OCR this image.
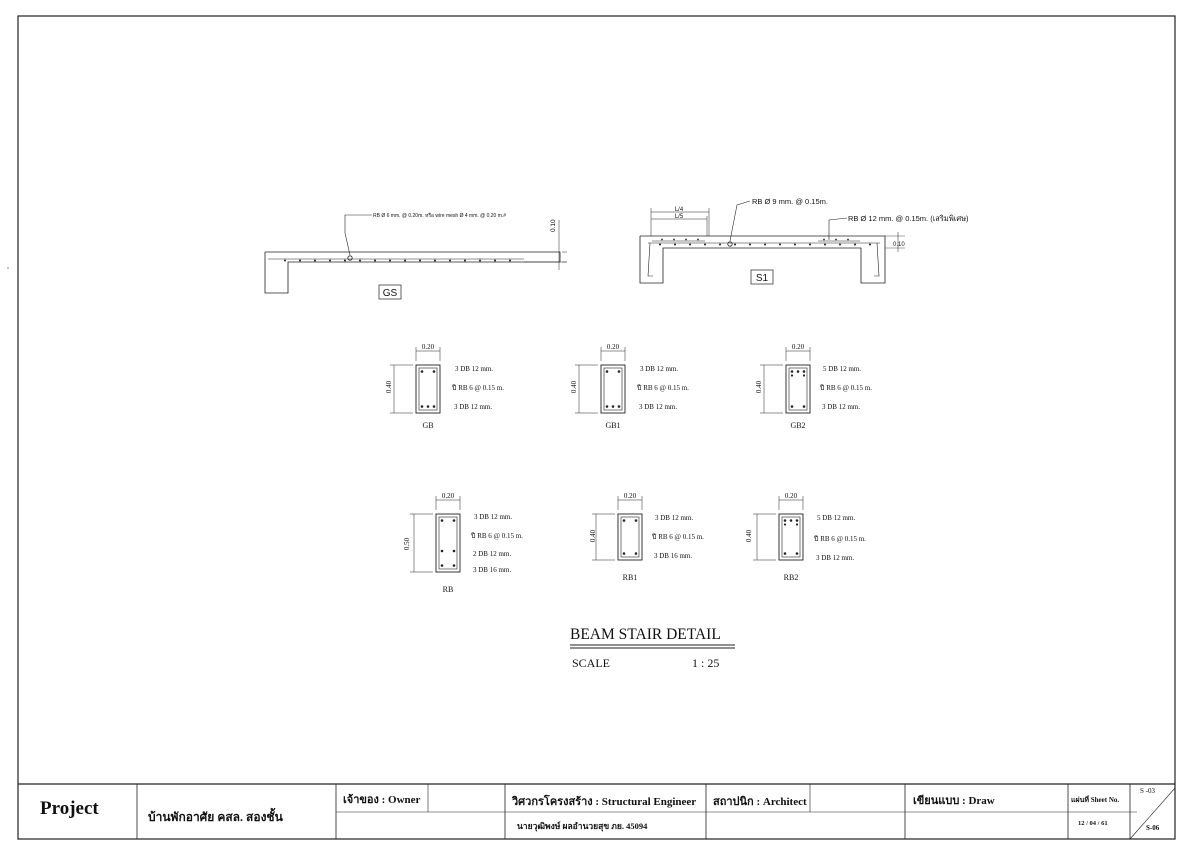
RB Ø 6 mm. @ 0.20m. หรือ wire mesh Ø 4 mm. @ 0.20 m.#
0.10
GS
RB Ø 9 mm. @ 0.15m.
RB Ø 12 mm. @ 0.15m. (เสริมพิเศษ)
L/4
L/5
0.10
S1
0.20
0.40
3 DB 12 mm.
ปี RB 6 @ 0.15 m.
3 DB 12 mm.
GB
0.20
0.40
3 DB 12 mm.
ปี RB 6 @ 0.15 m.
3 DB 12 mm.
GB1
0.20
0.40
5 DB 12 mm.
ปี RB 6 @ 0.15 m.
3 DB 12 mm.
GB2
0.20
0.50
3 DB 12 mm.
ปี RB 6 @ 0.15 m.
2 DB 12 mm.
3 DB 16 mm.
RB
0.20
0.40
3 DB 12 mm.
ปี RB 6 @ 0.15 m.
3 DB 16 mm.
RB1
0.20
0.40
5 DB 12 mm.
ปี RB 6 @ 0.15 m.
3 DB 12 mm.
RB2
BEAM STAIR DETAIL
SCALE	1 : 25
Project	บ้านพักอาศัย คสล. สองชั้น
เจ้าของ : Owner	วิศวกรโครงสร้าง : Structural Engineer
นายวุฒิพงษ์ ผลอำนวยสุข ภย. 45094
สถาปนิก : Architect	เขียนแบบ : Draw	แผ่นที่ Sheet No.
12 / 04 / 61
S -03
S-06
